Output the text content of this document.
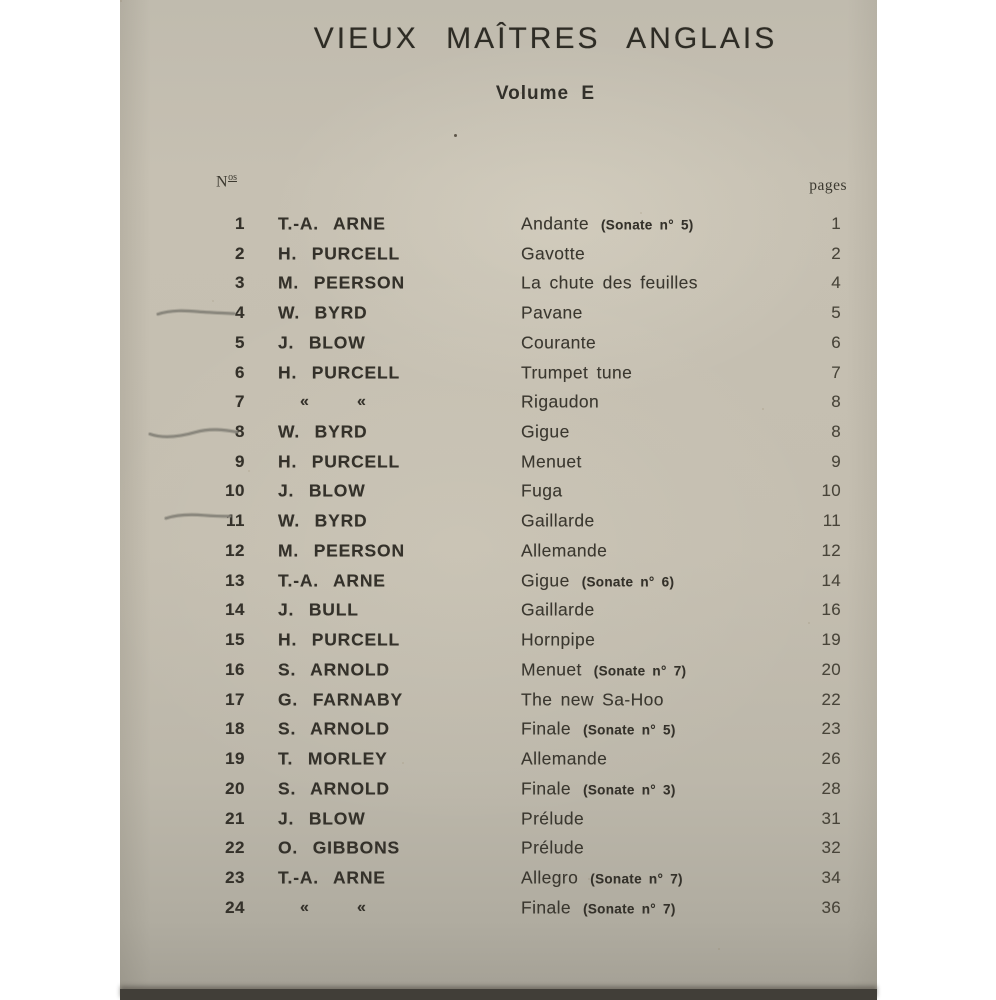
VIEUX MAÎTRES ANGLAIS
Volume E
$N^{os}$	pages
1 T.-A. ARNE	Andante (Sonate n° 5)	1
2 H. PURCELL	Gavotte	2
3 M. PEERSON	La chute des feuilles	4
4 W. BYRD	Pavane	5
5 J. BLOW	Courante	6
6 H. PURCELL	Trumpet tune	7
7	« «	Rigaudon	8
8 W. BYRD	Gigue	8
9 H. PURCELL	Menuet	9
10 J. BLOW	Fuga	10
11 W. BYRD	Gaillarde	11
12 M. PEERSON	Allemande	12
13 T.-A. ARNE	Gigue (Sonate n° 6)	14
14 J. BULL	Gaillarde	16
15 H. PURCELL	Hornpipe	19
16 S. ARNOLD	Menuet (Sonate n° 7)	20
17 G. FARNABY	The new Sa-Hoo	22
18 S. ARNOLD	Finale (Sonate n° 5)	23
19 T. MORLEY	Allemande	26
20 S. ARNOLD	Finale (Sonate n° 3)	28
21 J. BLOW	Prélude	31
22 O. GIBBONS	Prélude	32
23 T.-A. ARNE	Allegro (Sonate n° 7)	34
24	« «	Finale (Sonate n° 7)	36
